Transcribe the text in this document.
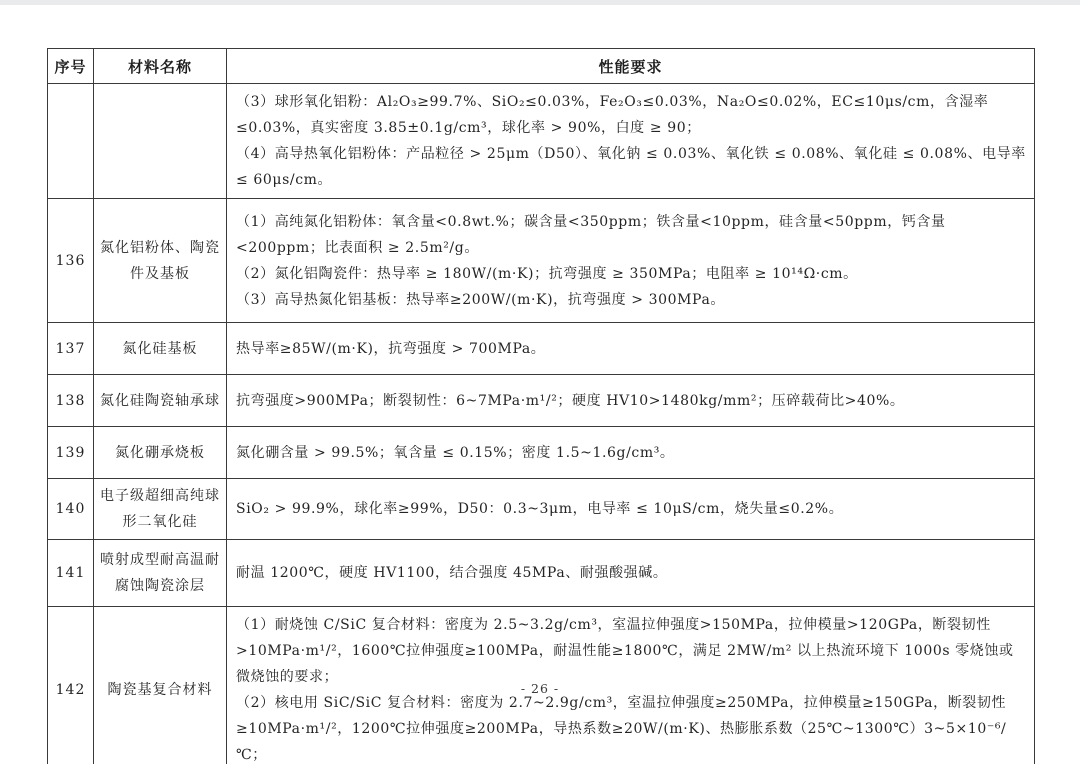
序号	材料名称	性能要求

		（3）球形氧化铝粉：Al₂O₃≥99.7%、SiO₂≤0.03%，Fe₂O₃≤0.03%，Na₂O≤0.02%，EC≤10μs/cm，含湿率≤0.03%，真实密度 3.85±0.1g/cm³，球化率 > 90%，白度 ≥ 90；

（4）高导热氧化铝粉体：产品粒径 > 25μm（D50）、氧化钠 ≤ 0.03%、氧化铁 ≤ 0.08%、氧化硅 ≤ 0.08%、电导率 ≤ 60μs/cm。

136	氮化铝粉体、陶瓷件及基板	（1）高纯氮化铝粉体：氧含量<0.8wt.%；碳含量<350ppm；铁含量<10ppm，硅含量<50ppm，钙含量<200ppm；比表面积 ≥ 2.5m²/g。

（2）氮化铝陶瓷件：热导率 ≥ 180W/(m·K)；抗弯强度 ≥ 350MPa；电阻率 ≥ 10¹⁴Ω·cm。

（3）高导热氮化铝基板：热导率≥200W/(m·K)，抗弯强度 > 300MPa。

137	氮化硅基板	热导率≥85W/(m·K)，抗弯强度 > 700MPa。

138	氮化硅陶瓷轴承球	抗弯强度>900MPa；断裂韧性：6~7MPa·m¹/²；硬度 HV10>1480kg/mm²；压碎载荷比>40%。

139	氮化硼承烧板	氮化硼含量 > 99.5%；氧含量 ≤ 0.15%；密度 1.5~1.6g/cm³。

140	电子级超细高纯球形二氧化硅	SiO₂ > 99.9%，球化率≥99%，D50：0.3~3μm，电导率 ≤ 10μS/cm，烧失量≤0.2%。

141	喷射成型耐高温耐腐蚀陶瓷涂层	耐温 1200℃，硬度 HV1100，结合强度 45MPa、耐强酸强碱。

142	陶瓷基复合材料	（1）耐烧蚀 C/SiC 复合材料：密度为 2.5~3.2g/cm³，室温拉伸强度>150MPa，拉伸模量>120GPa，断裂韧性>10MPa·m¹/²，1600℃拉伸强度≥100MPa，耐温性能≥1800℃，满足 2MW/m² 以上热流环境下 1000s 零烧蚀或微烧蚀的要求；

（2）核电用 SiC/SiC 复合材料：密度为 2.7~2.9g/cm³，室温拉伸强度≥250MPa，拉伸模量≥150GPa，断裂韧性≥10MPa·m¹/²，1200℃拉伸强度≥200MPa，导热系数≥20W/(m·K)、热膨胀系数（25℃~1300℃）3~5×10⁻⁶/℃；

- 26 -
